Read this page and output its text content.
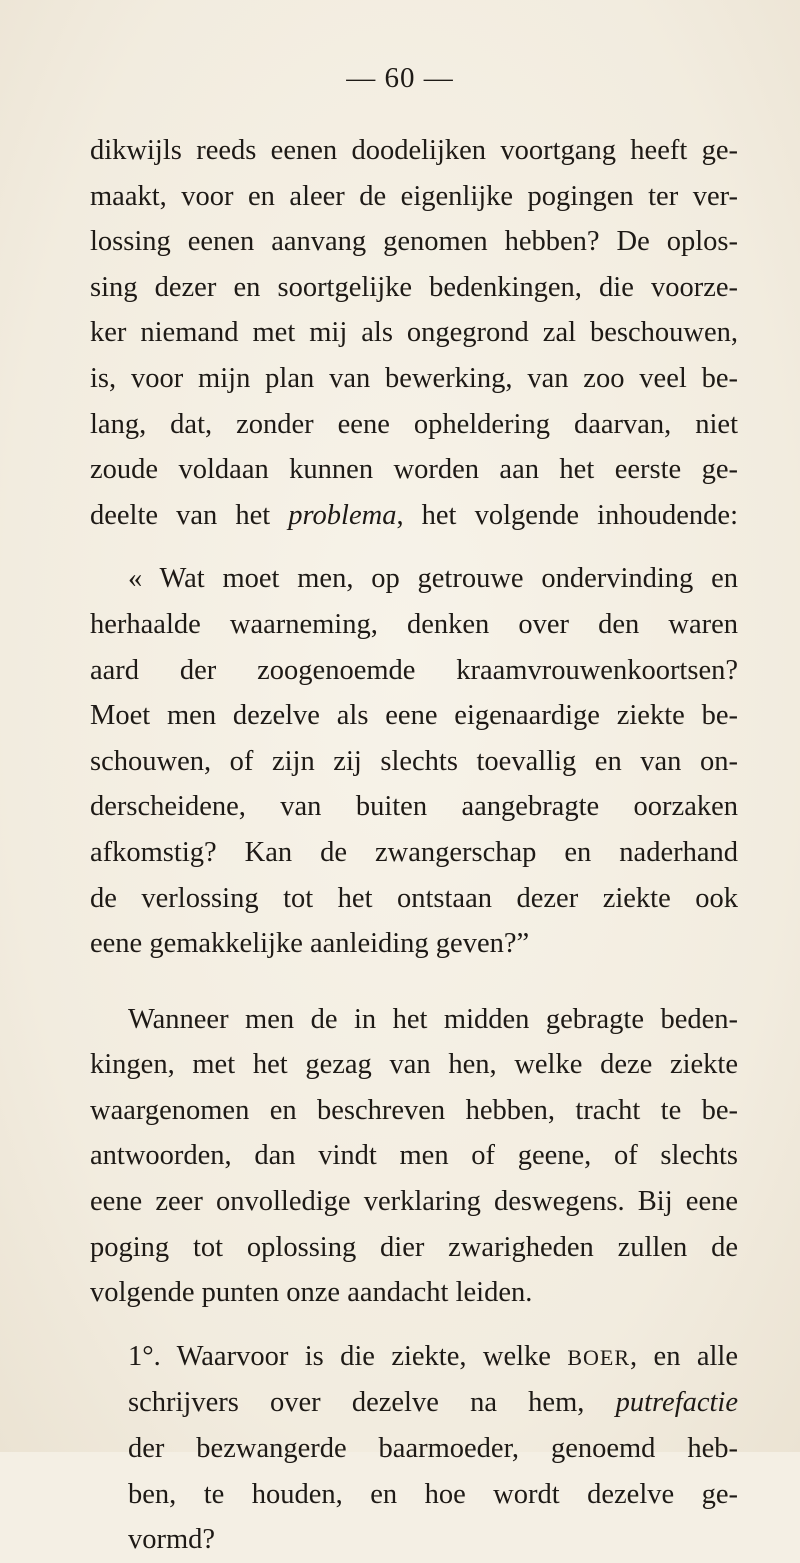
— 60 —
dikwijls reeds eenen doodelijken voortgang heeft ge-
maakt, voor en aleer de eigenlijke pogingen ter ver-
lossing eenen aanvang genomen hebben? De oplos-
sing dezer en soortgelijke bedenkingen, die voorze-
ker niemand met mij als ongegrond zal beschouwen,
is, voor mijn plan van bewerking, van zoo veel be-
lang, dat, zonder eene opheldering daarvan, niet
zoude voldaan kunnen worden aan het eerste ge-
deelte van het problema, het volgende inhoudende:
« Wat moet men, op getrouwe ondervinding en
herhaalde waarneming, denken over den waren
aard der zoogenoemde kraamvrouwenkoortsen?
Moet men dezelve als eene eigenaardige ziekte be-
schouwen, of zijn zij slechts toevallig en van on-
derscheidene, van buiten aangebragte oorzaken
afkomstig? Kan de zwangerschap en naderhand
de verlossing tot het ontstaan dezer ziekte ook
eene gemakkelijke aanleiding geven?”
Wanneer men de in het midden gebragte beden-
kingen, met het gezag van hen, welke deze ziekte
waargenomen en beschreven hebben, tracht te be-
antwoorden, dan vindt men of geene, of slechts
eene zeer onvolledige verklaring deswegens. Bij eene
poging tot oplossing dier zwarigheden zullen de
volgende punten onze aandacht leiden.
1°. Waarvoor is die ziekte, welke BOER, en alle
schrijvers over dezelve na hem, putrefactie
der bezwangerde baarmoeder, genoemd heb-
ben, te houden, en hoe wordt dezelve ge-
vormd?
